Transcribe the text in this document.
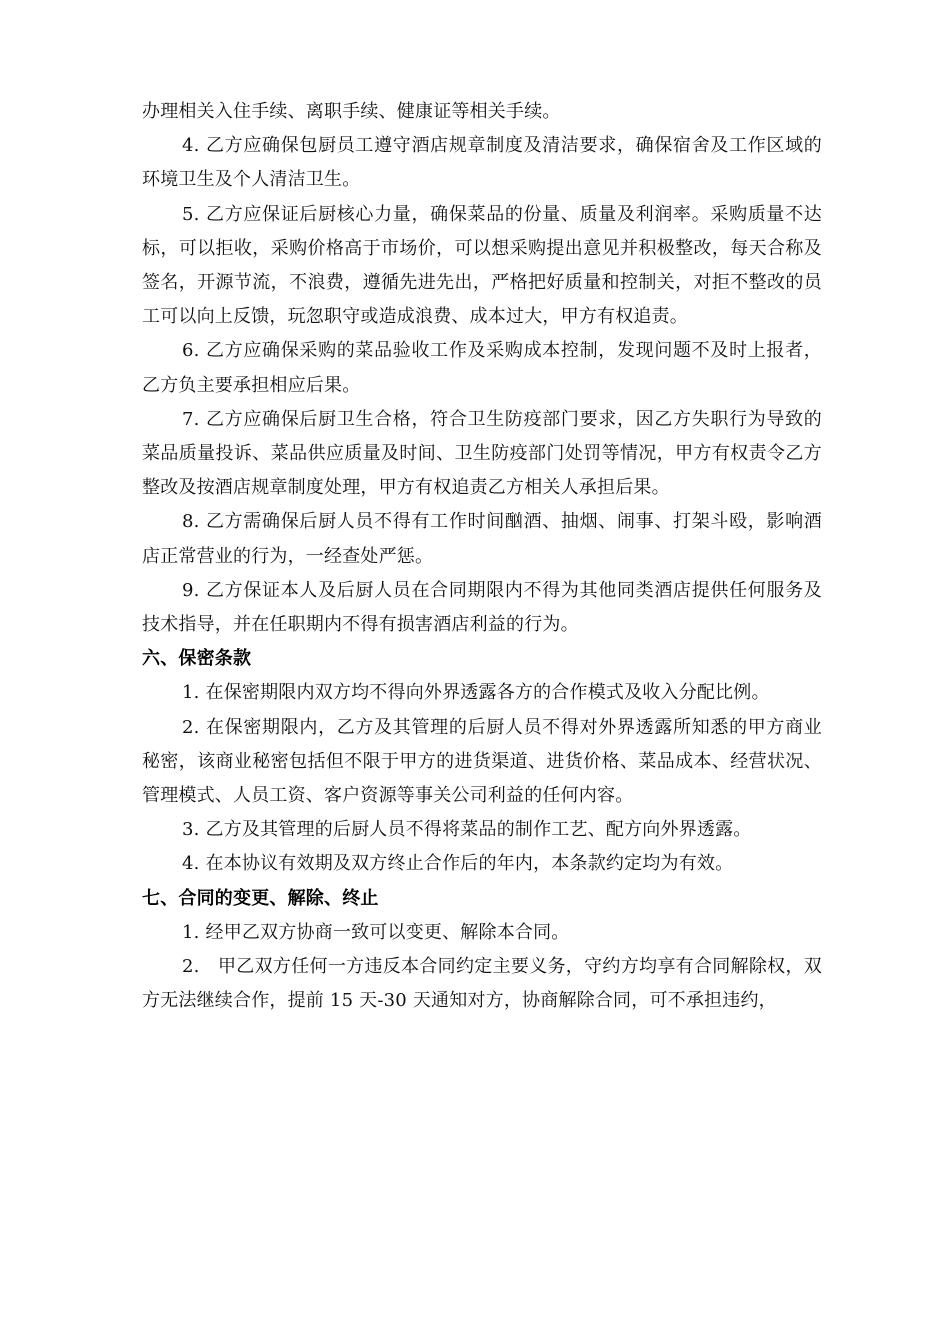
办理相关入住手续、离职手续、健康证等相关手续。

4. 乙方应确保包厨员工遵守酒店规章制度及清洁要求，确保宿舍及工作区域的环境卫生及个人清洁卫生。

5. 乙方应保证后厨核心力量，确保菜品的份量、质量及利润率。采购质量不达标，可以拒收，采购价格高于市场价，可以想采购提出意见并积极整改，每天合称及签名，开源节流，不浪费，遵循先进先出，严格把好质量和控制关，对拒不整改的员工可以向上反馈，玩忽职守或造成浪费、成本过大，甲方有权追责。

6. 乙方应确保采购的菜品验收工作及采购成本控制，发现问题不及时上报者，乙方负主要承担相应后果。

7. 乙方应确保后厨卫生合格，符合卫生防疫部门要求，因乙方失职行为导致的菜品质量投诉、菜品供应质量及时间、卫生防疫部门处罚等情况，甲方有权责令乙方整改及按酒店规章制度处理，甲方有权追责乙方相关人承担后果。

8. 乙方需确保后厨人员不得有工作时间酗酒、抽烟、闹事、打架斗殴，影响酒店正常营业的行为，一经查处严惩。

9. 乙方保证本人及后厨人员在合同期限内不得为其他同类酒店提供任何服务及技术指导，并在任职期内不得有损害酒店利益的行为。

六、保密条款

1. 在保密期限内双方均不得向外界透露各方的合作模式及收入分配比例。

2. 在保密期限内，乙方及其管理的后厨人员不得对外界透露所知悉的甲方商业秘密，该商业秘密包括但不限于甲方的进货渠道、进货价格、菜品成本、经营状况、管理模式、人员工资、客户资源等事关公司利益的任何内容。

3. 乙方及其管理的后厨人员不得将菜品的制作工艺、配方向外界透露。

4. 在本协议有效期及双方终止合作后的年内，本条款约定均为有效。

七、合同的变更、解除、终止

1. 经甲乙双方协商一致可以变更、解除本合同。

2.　甲乙双方任何一方违反本合同约定主要义务，守约方均享有合同解除权，双方无法继续合作，提前 15 天-30 天通知对方，协商解除合同，可不承担违约，
